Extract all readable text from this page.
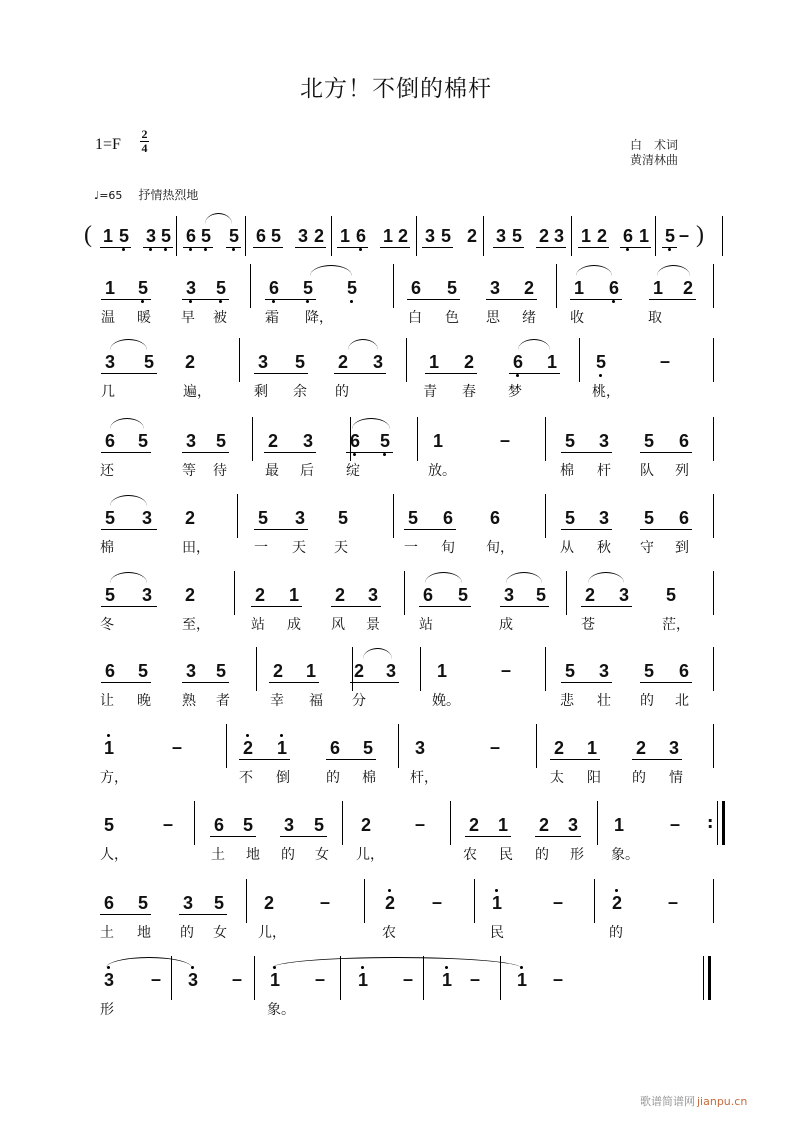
北方！不倒的棉杆
1=F
2
4	白　术词
黄清林曲
♩=65 抒情热烈地
1 5 3 5 6 5 5 6 5 3 2 1 6 1 2 3 5 2 3 5 2 3 1 2 6 1 5 –
(	)
1 5 3 5 6 5 5	6 5 3 2 1 6 1 2
温 暖 早 被	霜 降，	白 色 思 绪 收	取
3 5 2	3 5 2 3	1 2 6 1 5	–
几	遍，	剩 余 的	青 春 梦	桃，
6 5 3 5 2 3 6 5 1	5 3 5 6
–
还	等 待	最 后 绽	放。	棉 杆 队 列
5 3 2	5 3 5	5 6 6	5 3 5 6
棉	田，	一 天 天	一 旬 旬，	从 秋 守 到
5 3 2	2 1 2 3 6 5 3 5 2 3 5
冬	至，	站 成 风 景	站	成	苍	茫，
6 5 3 5	2 1 2 3 1	5 3 5 6
–
让 晚 熟 者	幸 福 分	娩。	悲 壮 的 北
1	2 1 6 5 3	2 1 2 3
–	–
方，	不 倒	的 棉 杆，	太 阳 的 情
5	6 5 3 5 2	2 1 2 3 1
–	–	– :
人，	土 地 的 女 儿，	农 民 的 形 象。
6 5 3 5 2	2	1	2
–	–	–	–
土 地 的 女 儿，	农	民	的
3	3	1	1	1	1
–	–	–	–	–	–
形	象。
歌谱简谱网 jianpu.cn
